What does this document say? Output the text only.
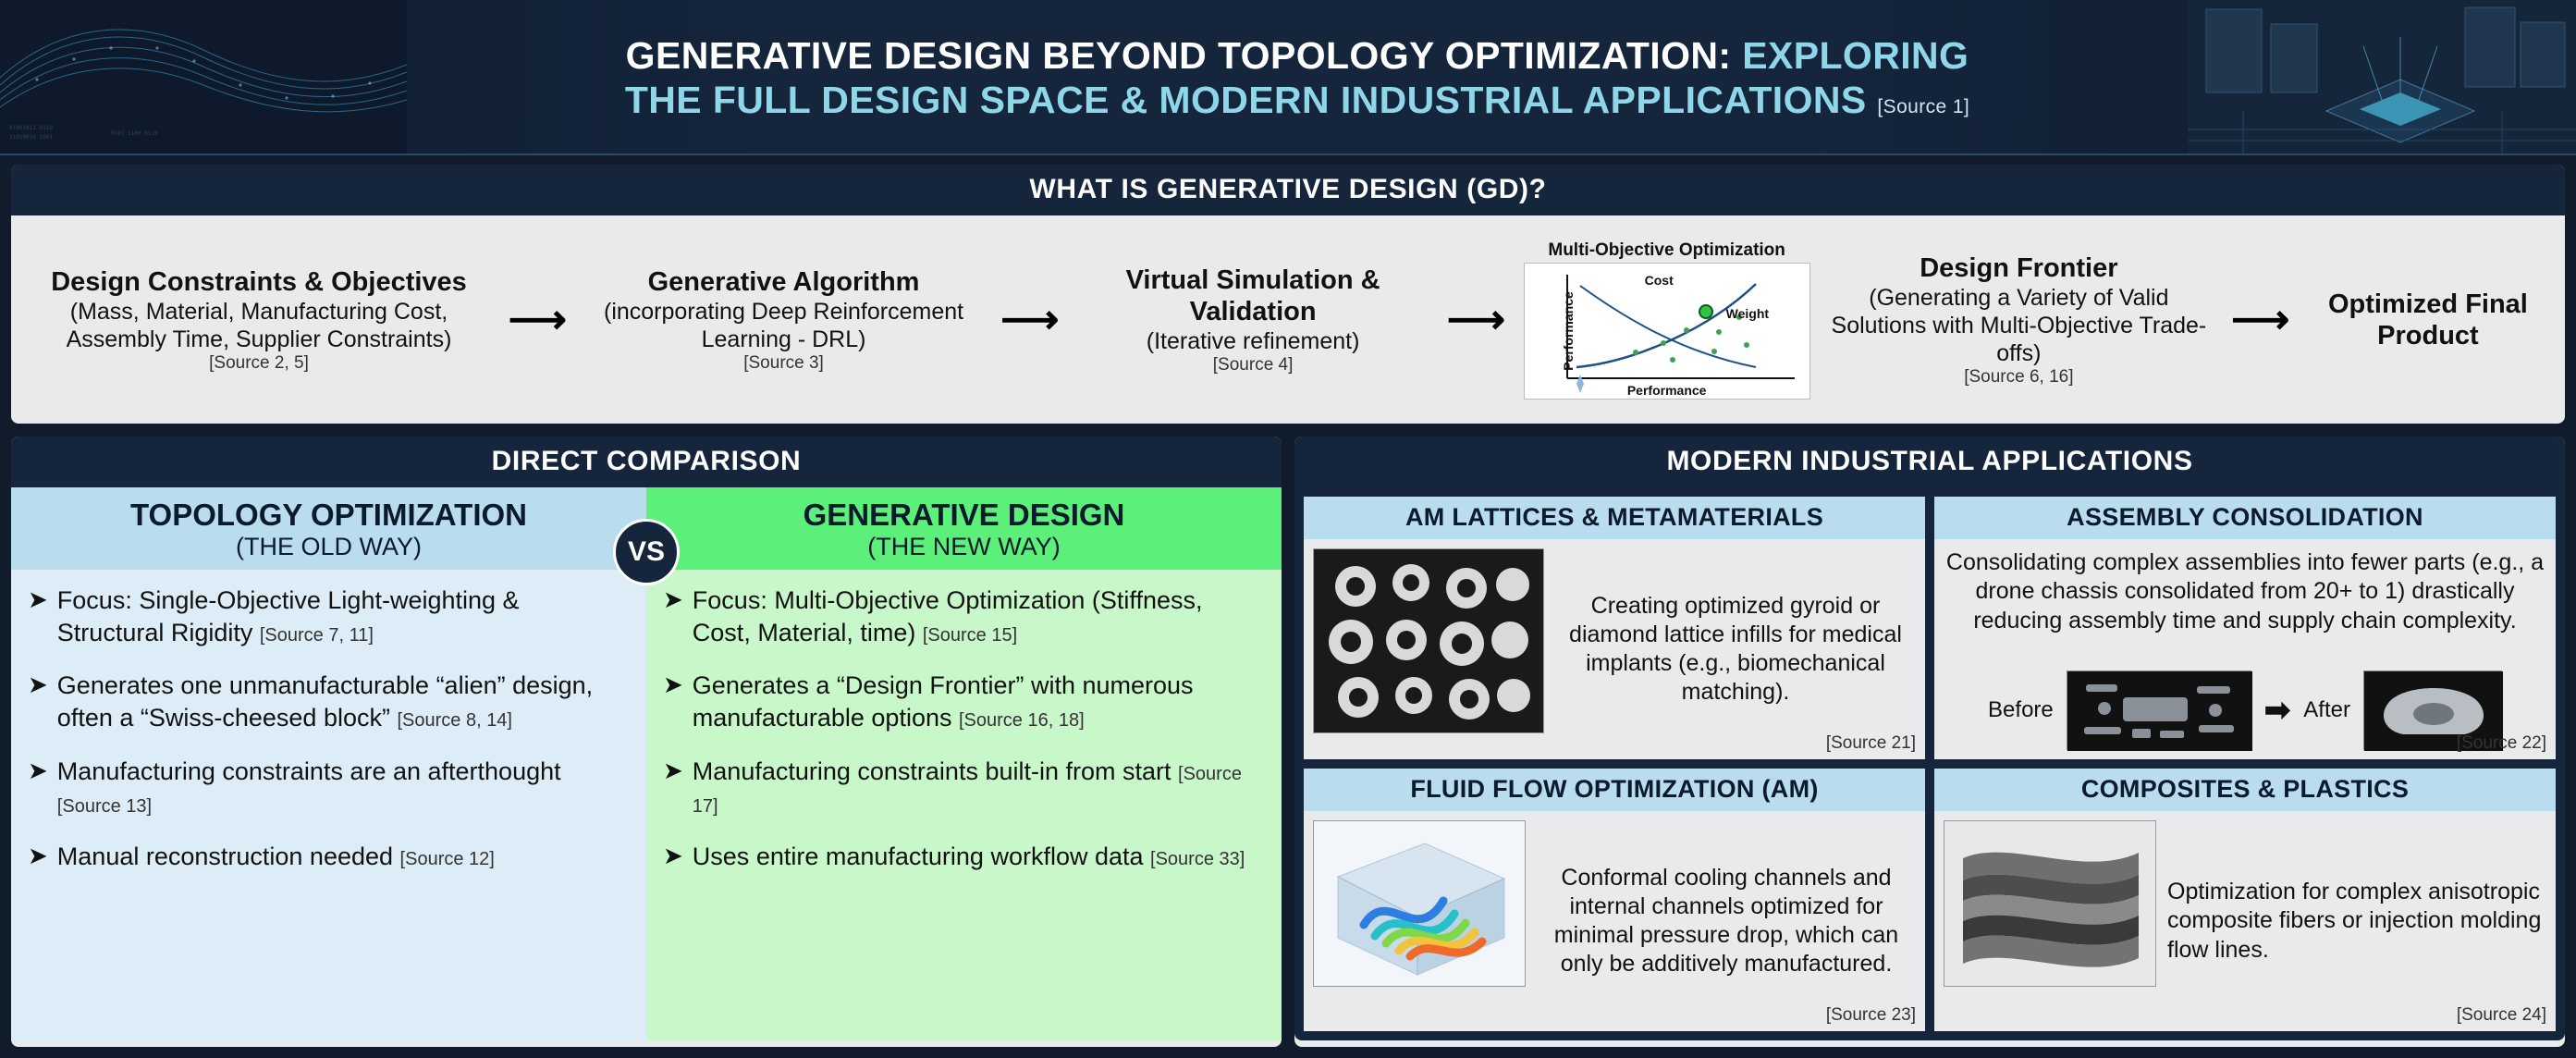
01001011 0110
11010010 1001
0101 1100 0110
GENERATIVE DESIGN BEYOND TOPOLOGY OPTIMIZATION: EXPLORING
THE FULL DESIGN SPACE & MODERN INDUSTRIAL APPLICATIONS [Source 1]
WHAT IS GENERATIVE DESIGN (GD)?
Design Constraints & Objectives
(Mass, Material, Manufacturing Cost, Assembly Time, Supplier Constraints)
[Source 2, 5]
⟶
Generative Algorithm
(incorporating Deep Reinforcement Learning - DRL)
[Source 3]
⟶
Virtual Simulation & Validation
(Iterative refinement)
[Source 4]
⟶
Multi-Objective Optimization
Performance
Performance
Cost
Weight
Design Frontier
(Generating a Variety of Valid Solutions with Multi-Objective Trade-offs)
[Source 6, 16]
⟶	Optimized Final Product
DIRECT COMPARISON
TOPOLOGY OPTIMIZATION
(THE OLD WAY)
➤ Focus: Single-Objective Light-weighting & Structural Rigidity [Source 7, 11]
➤ Generates one unmanufacturable “alien” design, often a “Swiss-cheesed block” [Source 8, 14]
➤ Manufacturing constraints are an afterthought [Source 13]
➤ Manual reconstruction needed [Source 12]
VS
GENERATIVE DESIGN
(THE NEW WAY)
➤ Focus: Multi-Objective Optimization (Stiffness, Cost, Material, time) [Source 15]
➤ Generates a “Design Frontier” with numerous manufacturable options [Source 16, 18]
➤ Manufacturing constraints built-in from start [Source 17]
➤ Uses entire manufacturing workflow data [Source 33]
MODERN INDUSTRIAL APPLICATIONS
AM LATTICES & METAMATERIALS
Creating optimized gyroid or diamond lattice infills for medical implants (e.g., biomechanical matching).
[Source 21]
ASSEMBLY CONSOLIDATION
Consolidating complex assemblies into fewer parts (e.g., a drone chassis consolidated from 20+ to 1) drastically reducing assembly time and supply chain complexity.
Before	➡ After
[Source 22]
FLUID FLOW OPTIMIZATION (AM)
Conformal cooling channels and internal channels optimized for minimal pressure drop, which can only be additively manufactured.
[Source 23]
COMPOSITES & PLASTICS
Optimization for complex anisotropic composite fibers or injection molding flow lines.
[Source 24]
